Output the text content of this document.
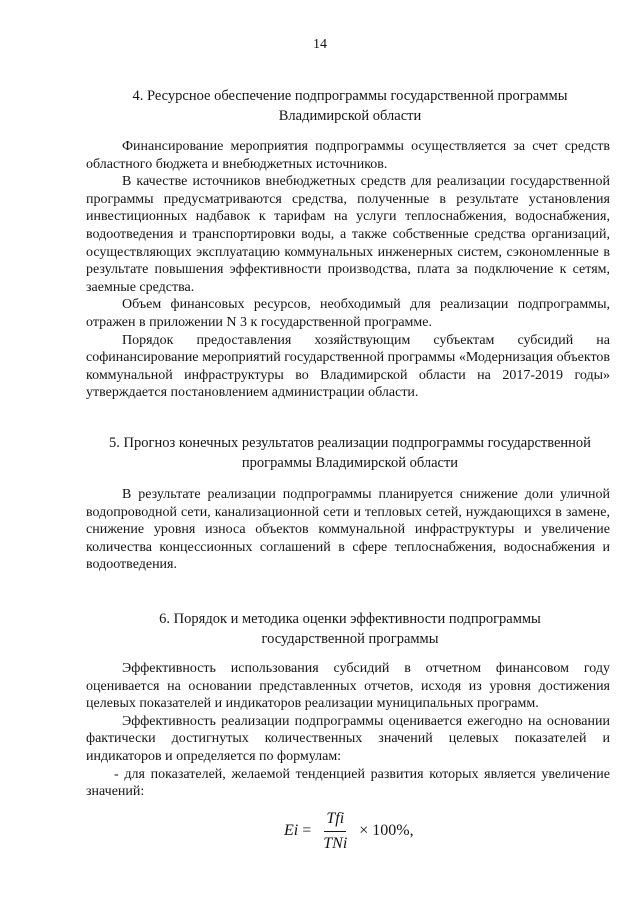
14
4. Ресурсное обеспечение подпрограммы государственной программы
Владимирской области

Финансирование мероприятия подпрограммы осуществляется за счет средств областного бюджета и внебюджетных источников.

В качестве источников внебюджетных средств для реализации государственной программы предусматриваются средства, полученные в результате установления инвестиционных надбавок к тарифам на услуги теплоснабжения, водоснабжения, водоотведения и транспортировки воды, а также собственные средства организаций, осуществляющих эксплуатацию коммунальных инженерных систем, сэкономленные в результате повышения эффективности производства, плата за подключение к сетям, заемные средства.

Объем финансовых ресурсов, необходимый для реализации подпрограммы, отражен в приложении N 3 к государственной программе.

Порядок предоставления хозяйствующим субъектам субсидий на софинансирование мероприятий государственной программы «Модернизация объектов коммунальной инфраструктуры во Владимирской области на 2017-2019 годы» утверждается постановлением администрации области.

5. Прогноз конечных результатов реализации подпрограммы государственной
программы Владимирской области

В результате реализации подпрограммы планируется снижение доли уличной водопроводной сети, канализационной сети и тепловых сетей, нуждающихся в замене, снижение уровня износа объектов коммунальной инфраструктуры и увеличение количества концессионных соглашений в сфере теплоснабжения, водоснабжения и водоотведения.

6. Порядок и методика оценки эффективности подпрограммы
государственной программы

Эффективность использования субсидий в отчетном финансовом году оценивается на основании представленных отчетов, исходя из уровня достижения целевых показателей и индикаторов реализации муниципальных программ.

Эффективность реализации подпрограммы оценивается ежегодно на основании фактически достигнутых количественных значений целевых показателей и индикаторов и определяется по формулам:

- для показателей, желаемой тенденцией развития которых является увеличение значений:

$Ei = \frac{\text{Tfi}}{\text{TNi}} \times 100\%$,
